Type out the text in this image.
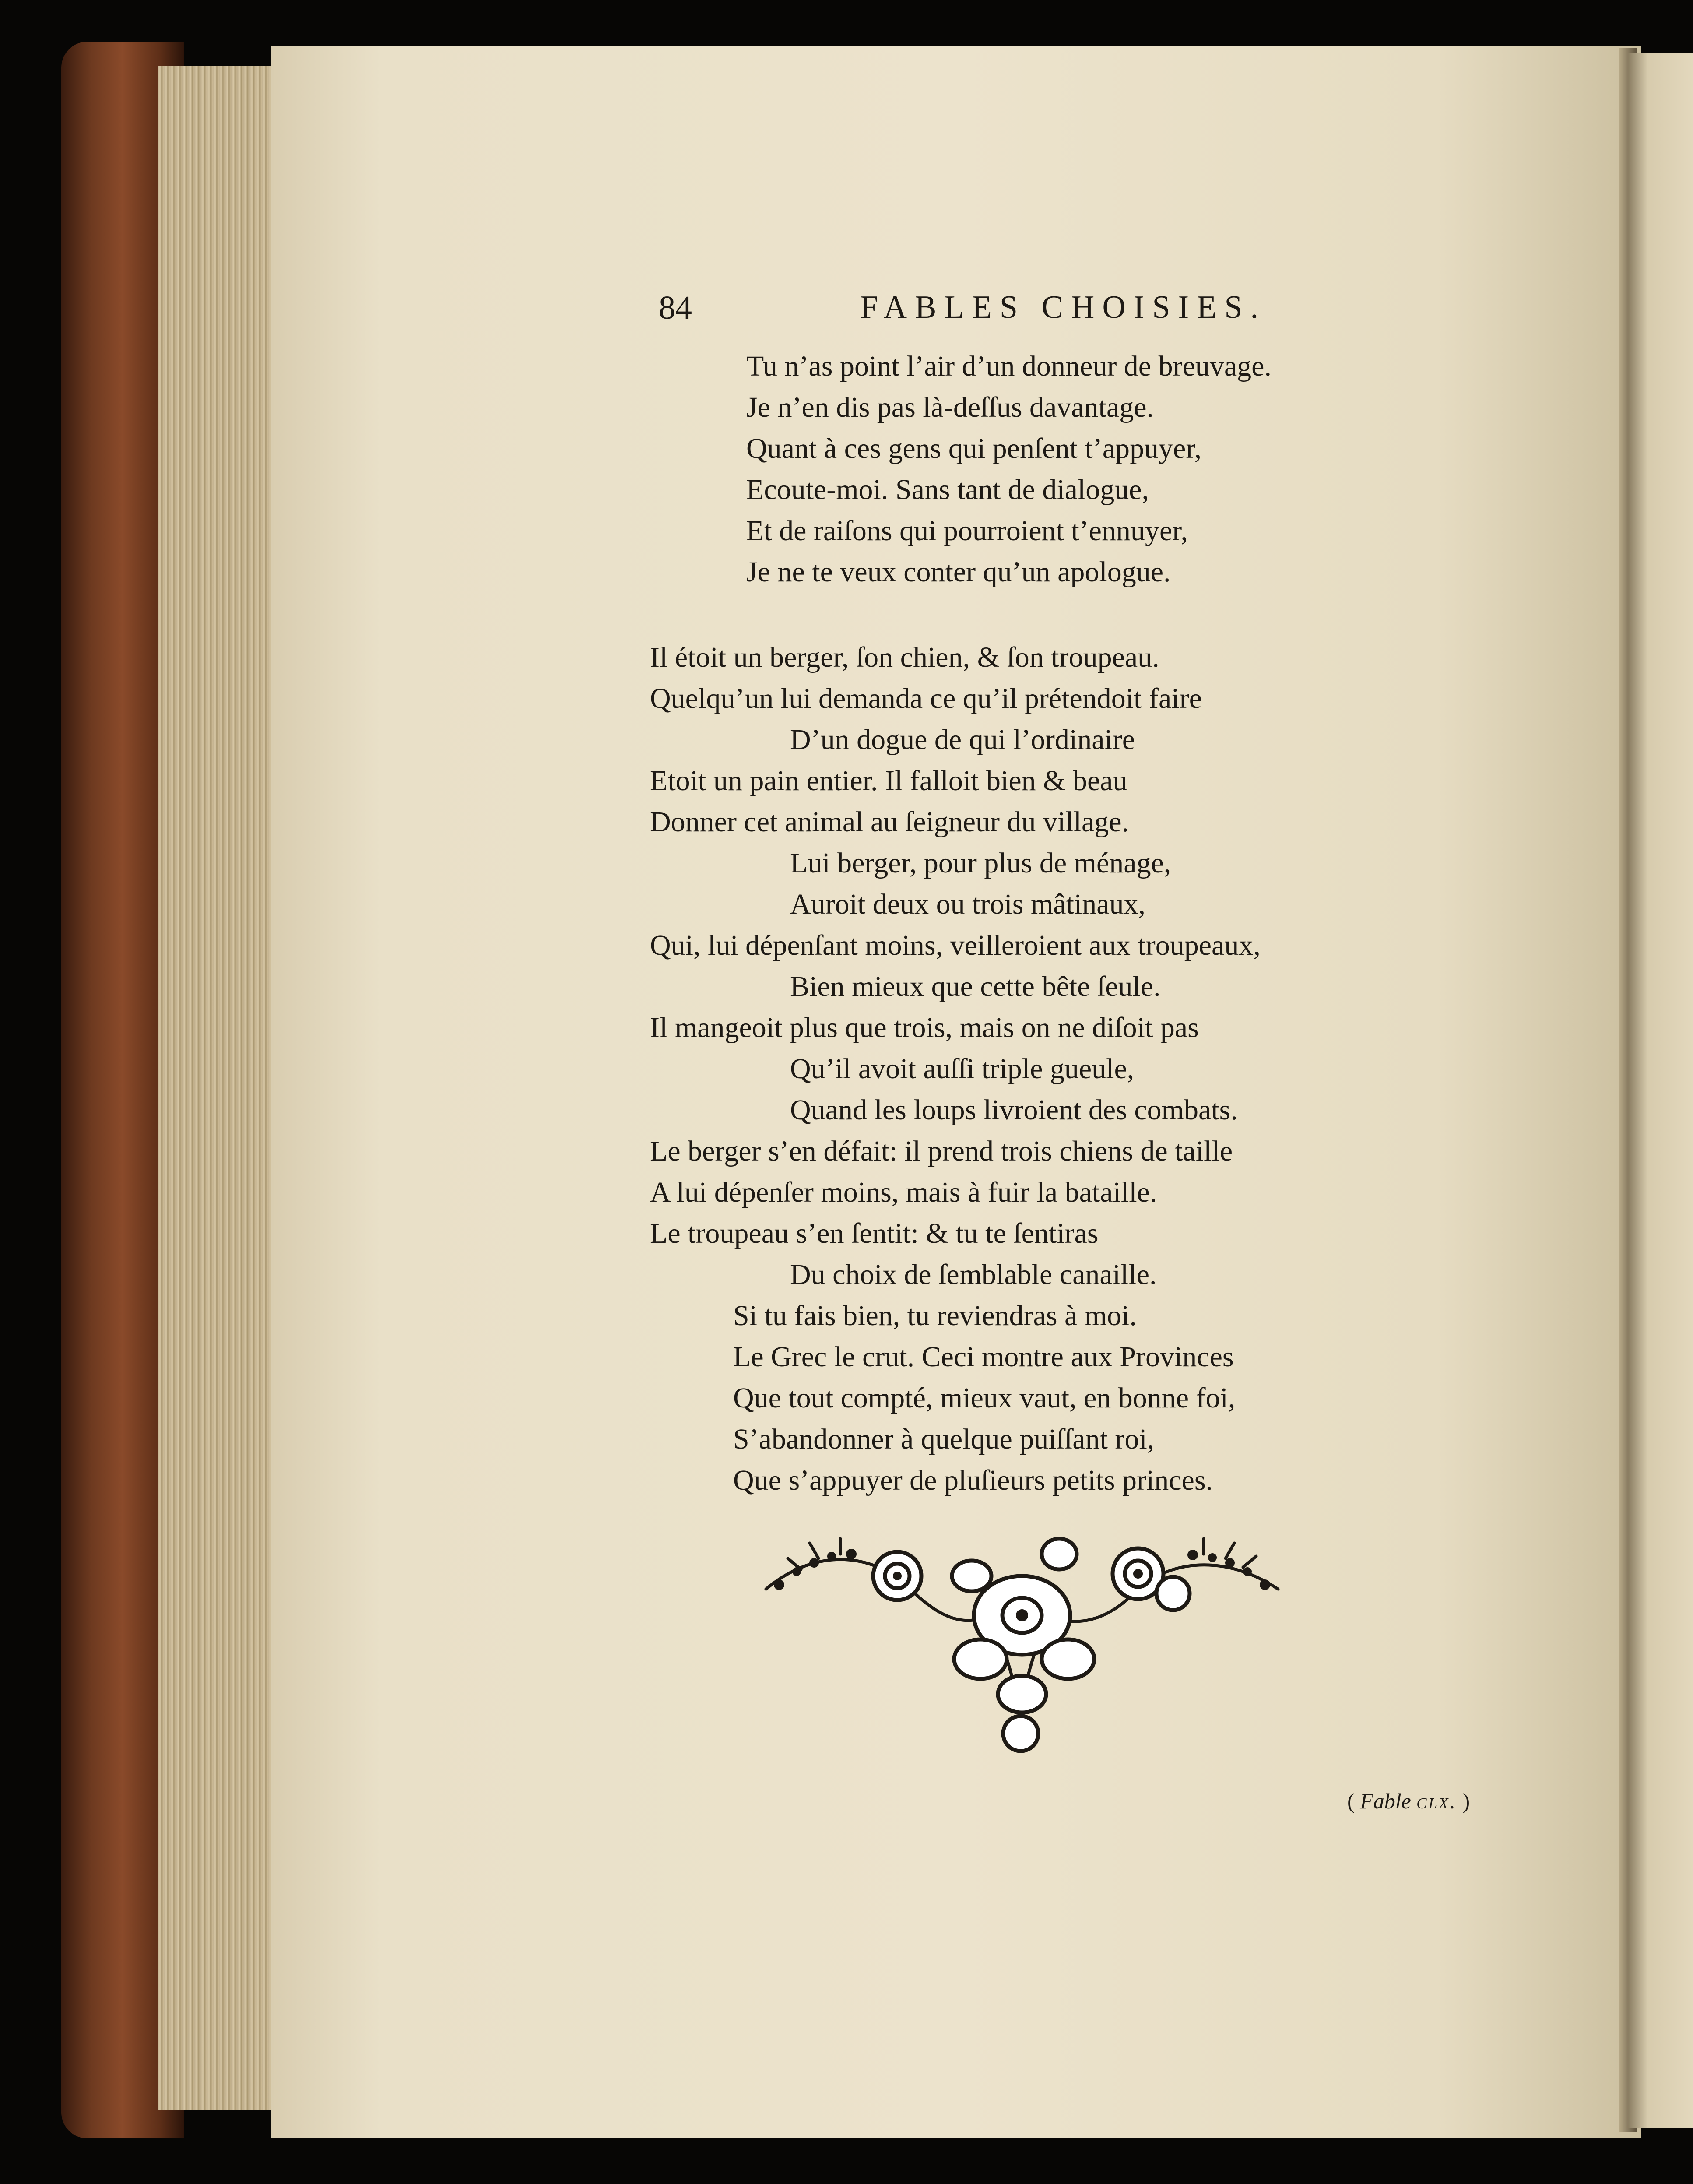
84	FABLES CHOISIES.
Tu n’as point l’air d’un donneur de breuvage.
Je n’en dis pas là-deſſus davantage.
Quant à ces gens qui penſent t’appuyer,
Ecoute-moi. Sans tant de dialogue,
Et de raiſons qui pourroient t’ennuyer,
Je ne te veux conter qu’un apologue.
Il étoit un berger, ſon chien, & ſon troupeau.
Quelqu’un lui demanda ce qu’il prétendoit faire
D’un dogue de qui l’ordinaire
Etoit un pain entier. Il falloit bien & beau
Donner cet animal au ſeigneur du village.
Lui berger, pour plus de ménage,
Auroit deux ou trois mâtinaux,
Qui, lui dépenſant moins, veilleroient aux troupeaux,
Bien mieux que cette bête ſeule.
Il mangeoit plus que trois, mais on ne diſoit pas
Qu’il avoit auſſi triple gueule,
Quand les loups livroient des combats.
Le berger s’en défait: il prend trois chiens de taille
A lui dépenſer moins, mais à fuir la bataille.
Le troupeau s’en ſentit: & tu te ſentiras
Du choix de ſemblable canaille.
Si tu fais bien, tu reviendras à moi.
Le Grec le crut. Ceci montre aux Provinces
Que tout compté, mieux vaut, en bonne foi,
S’abandonner à quelque puiſſant roi,
Que s’appuyer de pluſieurs petits princes.
( Fable clx. )
